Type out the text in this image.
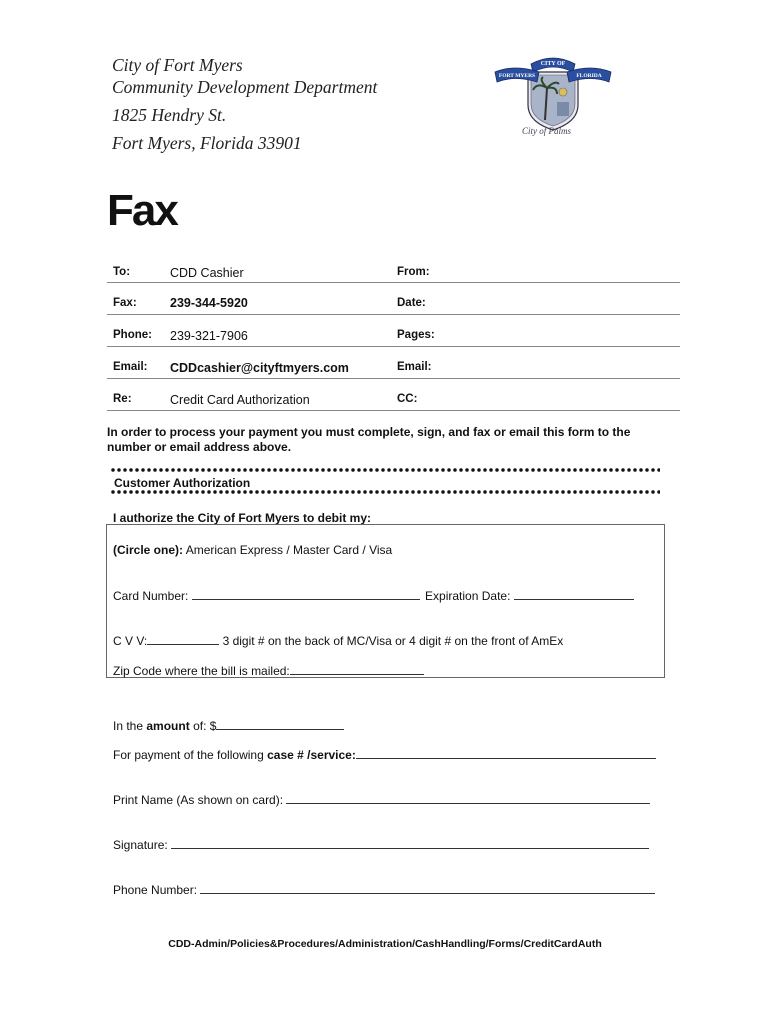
City of Fort Myers
Community Development Department
1825 Hendry St.
Fort Myers, Florida 33901
CITY OF
FORT MYERS	FLORIDA
City of Palms
Fax
To:	CDD Cashier	From:
Fax:	239-344-5920	Date:
Phone: 239-321-7906	Pages:
Email: CDDcashier@cityftmyers.com	Email:
Re:	Credit Card Authorization	CC:
In order to process your payment you must complete, sign, and fax or email this form to the number or email address above.
Customer Authorization
I authorize the City of Fort Myers to debit my:
(Circle one): American Express / Master Card / Visa
Card Number:	Expiration Date:
C V V:	3 digit # on the back of MC/Visa or 4 digit # on the front of AmEx
Zip Code where the bill is mailed:
In the amount of: $
For payment of the following case # /service:
Print Name (As shown on card):
Signature:
Phone Number:
CDD-Admin/Policies&Procedures/Administration/CashHandling/Forms/CreditCardAuth
